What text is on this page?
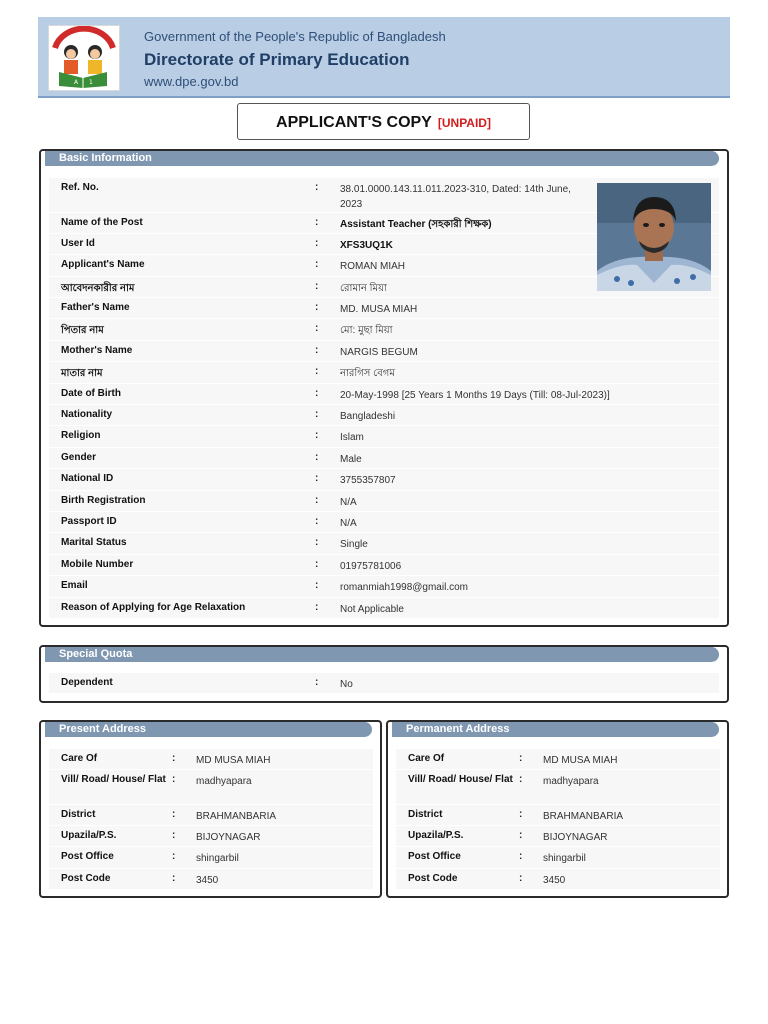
A 1
Government of the People's Republic of Bangladesh
Directorate of Primary Education
www.dpe.gov.bd
APPLICANT'S COPY [UNPAID]
Basic Information
Ref. No.	: 38.01.0000.143.11.011.2023-310, Dated: 14th June, 2023
Name of the Post	: Assistant Teacher (সহকারী শিক্ষক)
User Id	: XFS3UQ1K
Applicant's Name	: ROMAN MIAH
আবেদনকারীর নাম	: রোমান মিয়া
Father's Name	: MD. MUSA MIAH
পিতার নাম	: মো: মুছা মিয়া
Mother's Name	: NARGIS BEGUM
মাতার নাম	: নারগিস বেগম
Date of Birth	: 20-May-1998 [25 Years 1 Months 19 Days (Till: 08-Jul-2023)]
Nationality	: Bangladeshi
Religion	: Islam
Gender	: Male
National ID	: 3755357807
Birth Registration	: N/A
Passport ID	: N/A
Marital Status	: Single
Mobile Number	: 01975781006
Email	: romanmiah1998@gmail.com
Reason of Applying for Age Relaxation	: Not Applicable
Special Quota
Dependent	: No
Present Address
Care Of	: MD MUSA MIAH
Vill/ Road/ House/ Flat : madhyapara
District	: BRAHMANBARIA
Upazila/P.S.	: BIJOYNAGAR
Post Office	: shingarbil
Post Code	: 3450
Permanent Address
Care Of	: MD MUSA MIAH
Vill/ Road/ House/ Flat : madhyapara
District	: BRAHMANBARIA
Upazila/P.S.	: BIJOYNAGAR
Post Office	: shingarbil
Post Code	: 3450
